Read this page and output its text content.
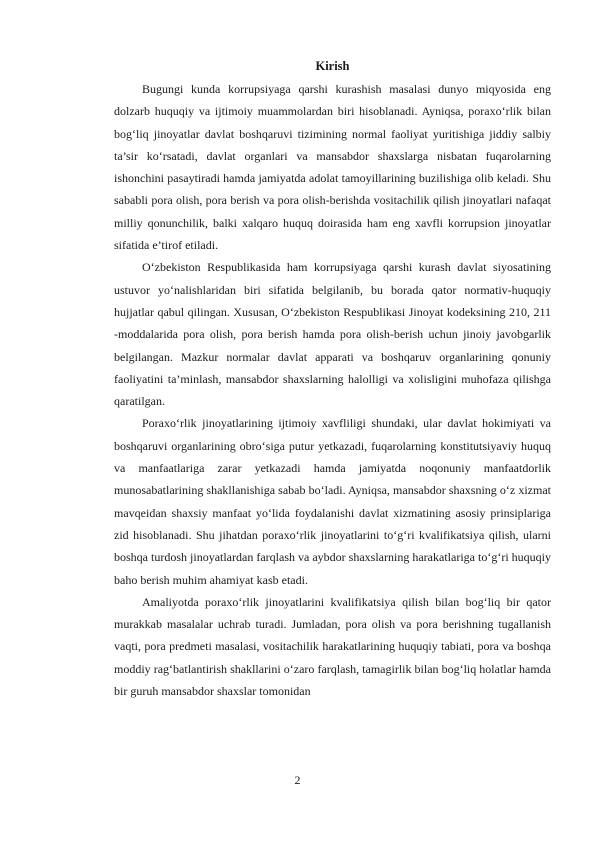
Kirish

Bugungi kunda korrupsiyaga qarshi kurashish masalasi dunyo miqyosida eng dolzarb huquqiy va ijtimoiy muammolardan biri hisoblanadi. Ayniqsa, poraxo‘rlik bilan bog‘liq jinoyatlar davlat boshqaruvi tizimining normal faoliyat yuritishiga jiddiy salbiy ta’sir ko‘rsatadi, davlat organlari va mansabdor shaxslarga nisbatan fuqarolarning ishonchini pasaytiradi hamda jamiyatda adolat tamoyillarining buzilishiga olib keladi. Shu sababli pora olish, pora berish va pora olish-berishda vositachilik qilish jinoyatlari nafaqat milliy qonunchilik, balki xalqaro huquq doirasida ham eng xavfli korrupsion jinoyatlar sifatida e’tirof etiladi.

O‘zbekiston Respublikasida ham korrupsiyaga qarshi kurash davlat siyosatining ustuvor yo‘nalishlaridan biri sifatida belgilanib, bu borada qator normativ-huquqiy hujjatlar qabul qilingan. Xususan, O‘zbekiston Respublikasi Jinoyat kodeksining 210, 211 -moddalarida pora olish, pora berish hamda pora olish-berish uchun jinoiy javobgarlik belgilangan. Mazkur normalar davlat apparati va boshqaruv organlarining qonuniy faoliyatini ta’minlash, mansabdor shaxslarning halolligi va xolisligini muhofaza qilishga qaratilgan.

Poraxo‘rlik jinoyatlarining ijtimoiy xavfliligi shundaki, ular davlat hokimiyati va boshqaruvi organlarining obro‘siga putur yetkazadi, fuqarolarning konstitutsiyaviy huquq va manfaatlariga zarar yetkazadi hamda jamiyatda noqonuniy manfaatdorlik munosabatlarining shakllanishiga sabab bo‘ladi. Ayniqsa, mansabdor shaxsning o‘z xizmat mavqeidan shaxsiy manfaat yo‘lida foydalanishi davlat xizmatining asosiy prinsiplariga zid hisoblanadi. Shu jihatdan poraxo‘rlik jinoyatlarini to‘g‘ri kvalifikatsiya qilish, ularni boshqa turdosh jinoyatlardan farqlash va aybdor shaxslarning harakatlariga to‘g‘ri huquqiy baho berish muhim ahamiyat kasb etadi.

Amaliyotda poraxo‘rlik jinoyatlarini kvalifikatsiya qilish bilan bog‘liq bir qator murakkab masalalar uchrab turadi. Jumladan, pora olish va pora berishning tugallanish vaqti, pora predmeti masalasi, vositachilik harakatlarining huquqiy tabiati, pora va boshqa moddiy rag‘batlantirish shakllarini o‘zaro farqlash, tamagirlik bilan bog‘liq holatlar hamda bir guruh mansabdor shaxslar tomonidan

2
